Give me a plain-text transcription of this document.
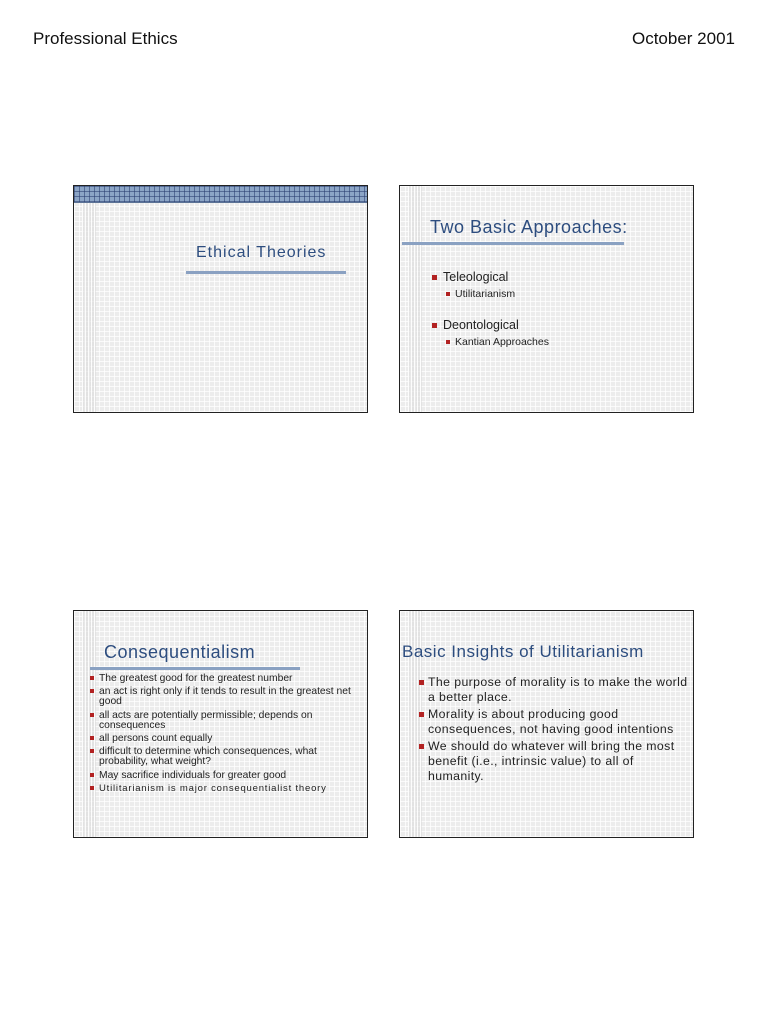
Professional Ethics	October 2001
Ethical Theories
Two Basic Approaches:
Teleological
Utilitarianism
Deontological
Kantian Approaches
Consequentialism
The greatest good for the greatest number
an act is right only if it tends to result in the greatest net good
all acts are potentially permissible; depends on consequences
all persons count equally
difficult to determine which consequences, what probability, what weight?
May sacrifice individuals for greater good
Utilitarianism is major consequentialist theory
Basic Insights of Utilitarianism
The purpose of morality is to make the world a better place.
Morality is about producing good consequences, not having good intentions
We should do whatever will bring the most benefit (i.e., intrinsic value) to all of humanity.
